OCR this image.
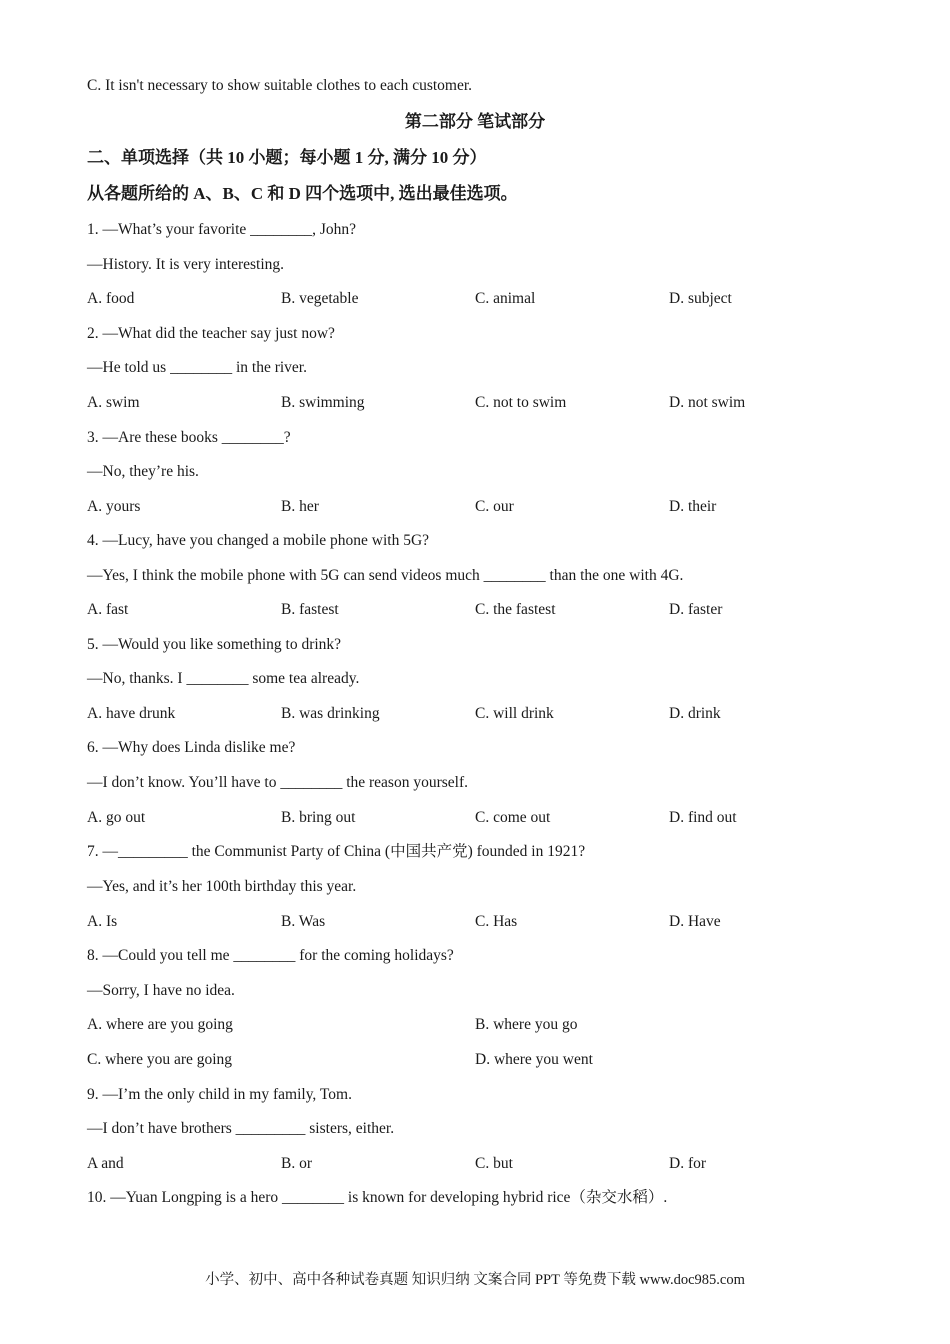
C. It isn't necessary to show suitable clothes to each customer.
第二部分 笔试部分
二、单项选择（共 10 小题；每小题 1 分, 满分 10 分）
从各题所给的 A、B、C 和 D 四个选项中, 选出最佳选项。
1. —What’s your favorite ________, John?
—History. It is very interesting.
A. food	B. vegetable	C. animal	D. subject
2. —What did the teacher say just now?
—He told us ________ in the river.
A. swim	B. swimming	C. not to swim	D. not swim
3. —Are these books ________?
—No, they’re his.
A. yours	B. her	C. our	D. their
4. —Lucy, have you changed a mobile phone with 5G?
—Yes, I think the mobile phone with 5G can send videos much ________ than the one with 4G.
A. fast	B. fastest	C. the fastest	D. faster
5. —Would you like something to drink?
—No, thanks. I ________ some tea already.
A. have drunk	B. was drinking	C. will drink	D. drink
6. —Why does Linda dislike me?
—I don’t know. You’ll have to ________ the reason yourself.
A. go out	B. bring out	C. come out	D. find out
7. —_________ the Communist Party of China (中国共产党) founded in 1921?
—Yes, and it’s her 100th birthday this year.
A. Is	B. Was	C. Has	D. Have
8. —Could you tell me ________ for the coming holidays?
—Sorry, I have no idea.
A. where are you going	B. where you go
C. where you are going	D. where you went
9. —I’m the only child in my family, Tom.
—I don’t have brothers _________ sisters, either.
A and	B. or	C. but	D. for
10. —Yuan Longping is a hero ________ is known for developing hybrid rice（杂交水稻）.
小学、初中、高中各种试卷真题 知识归纳 文案合同 PPT 等免费下载 www.doc985.com
